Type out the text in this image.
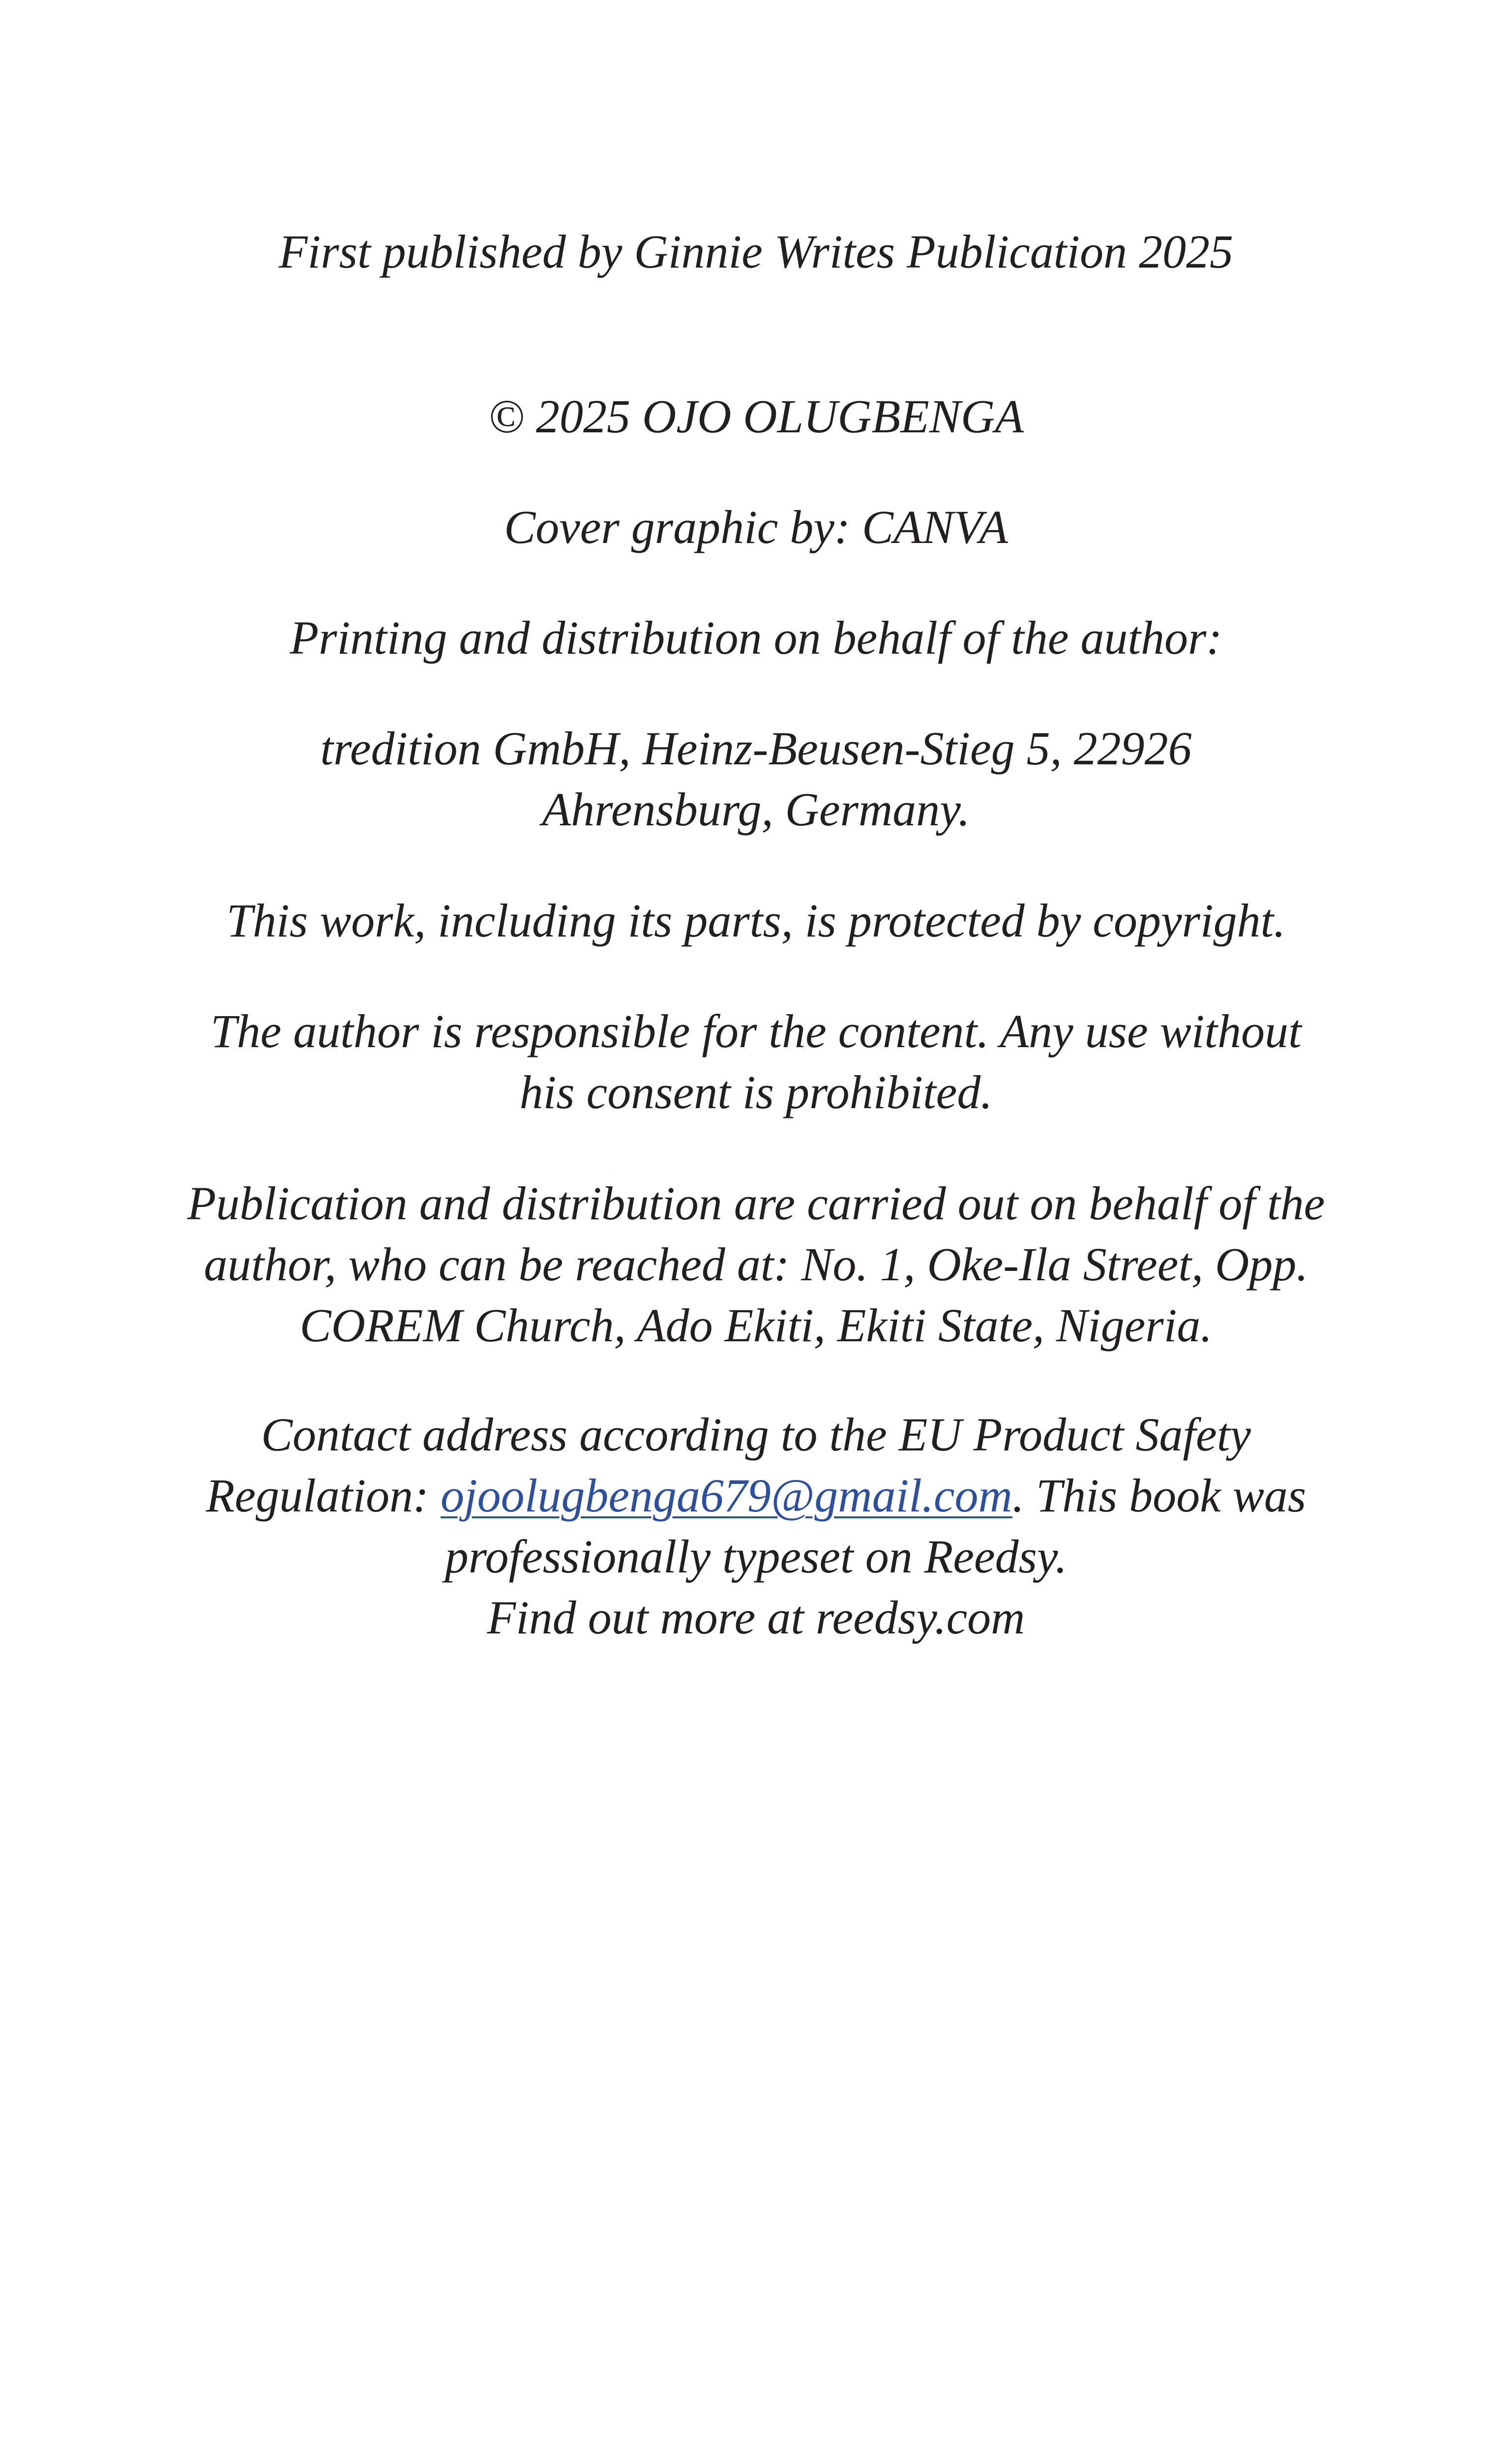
First published by Ginnie Writes Publication 2025

© 2025 OJO OLUGBENGA

Cover graphic by: CANVA

Printing and distribution on behalf of the author:

tredition GmbH, Heinz-Beusen-Stieg 5, 22926
Ahrensburg, Germany.

This work, including its parts, is protected by copyright.

The author is responsible for the content. Any use without
his consent is prohibited.

Publication and distribution are carried out on behalf of the
author, who can be reached at: No. 1, Oke-Ila Street, Opp.
COREM Church, Ado Ekiti, Ekiti State, Nigeria.

Contact address according to the EU Product Safety
Regulation: ojoolugbenga679@gmail.com. This book was
professionally typeset on Reedsy.
Find out more at reedsy.com
